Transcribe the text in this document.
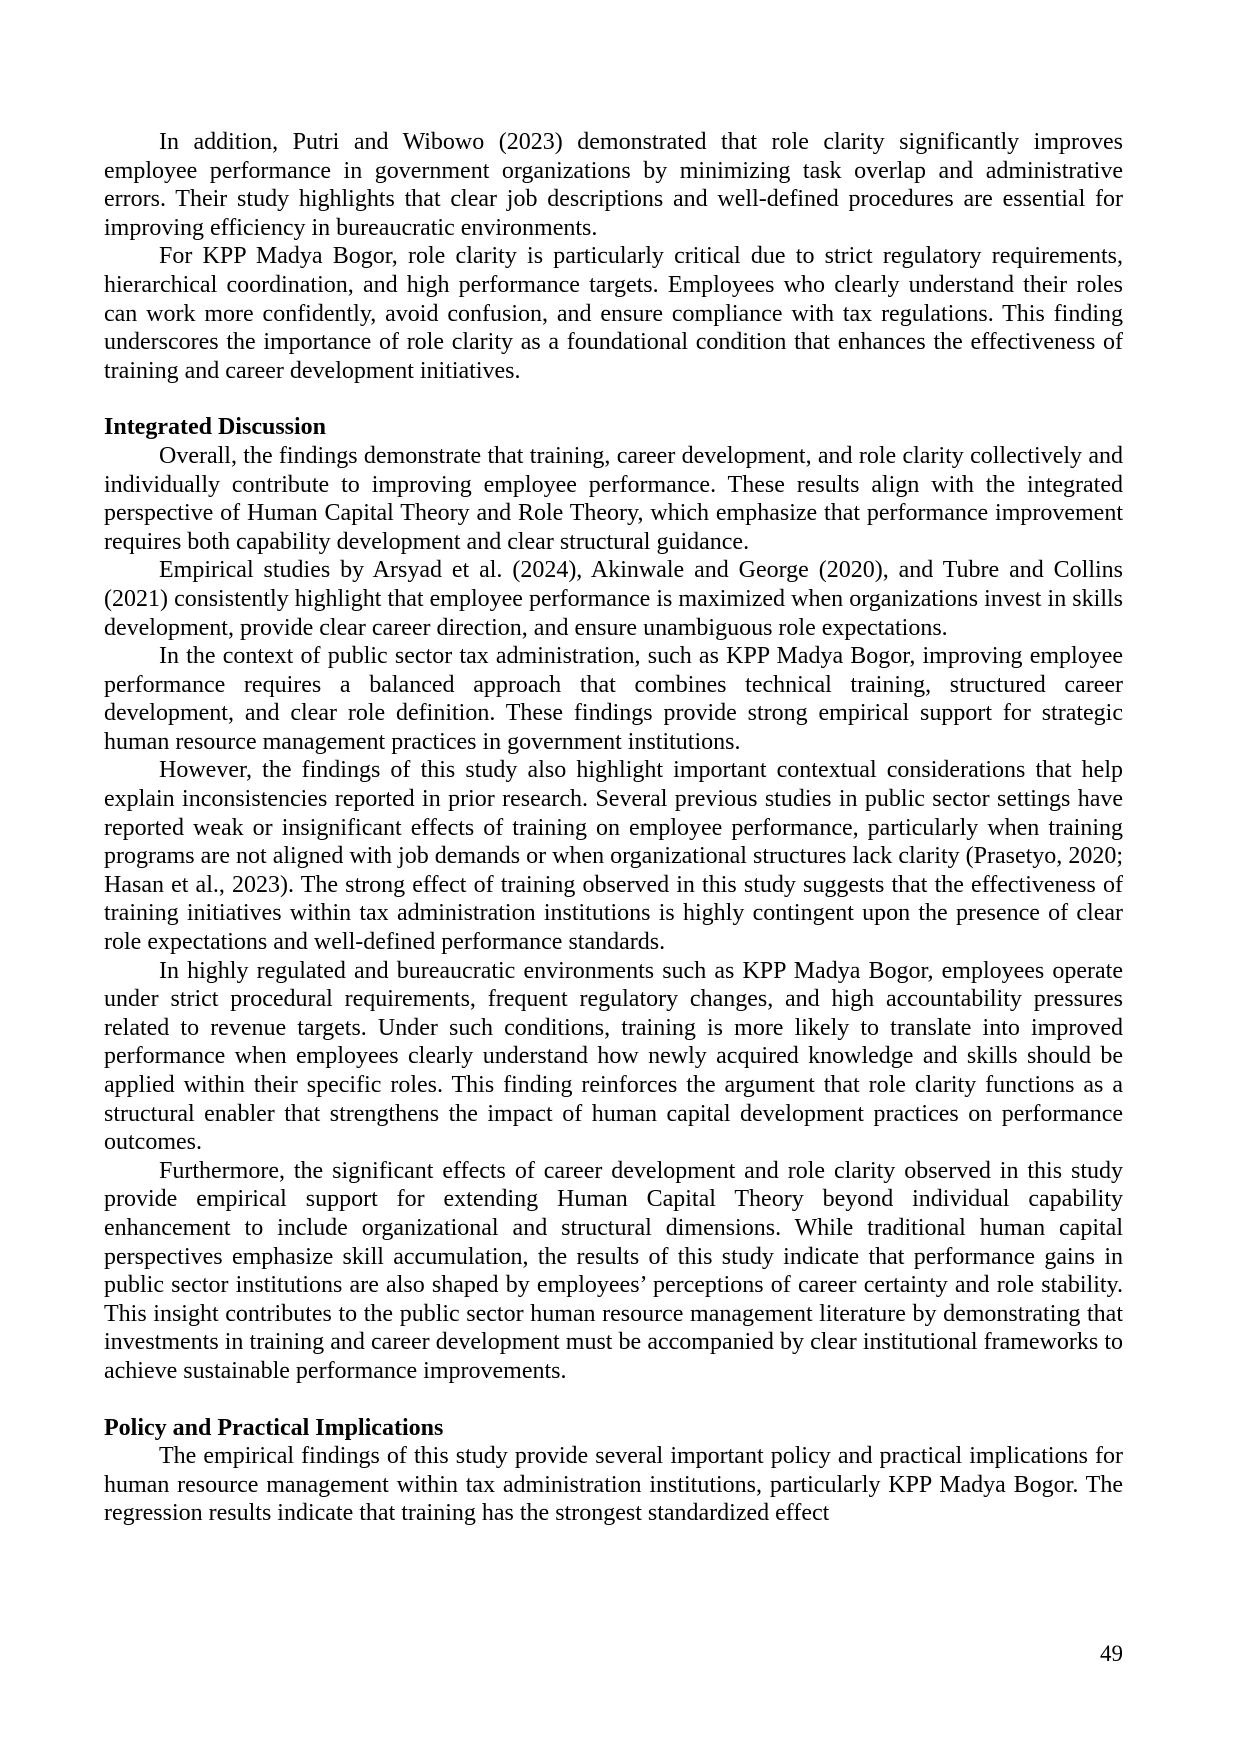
In addition, Putri and Wibowo (2023) demonstrated that role clarity significantly improves employee performance in government organizations by minimizing task overlap and administrative errors. Their study highlights that clear job descriptions and well-defined procedures are essential for improving efficiency in bureaucratic environments.

For KPP Madya Bogor, role clarity is particularly critical due to strict regulatory requirements, hierarchical coordination, and high performance targets. Employees who clearly understand their roles can work more confidently, avoid confusion, and ensure compliance with tax regulations. This finding underscores the importance of role clarity as a foundational condition that enhances the effectiveness of training and career development initiatives.

Integrated Discussion

Overall, the findings demonstrate that training, career development, and role clarity collectively and individually contribute to improving employee performance. These results align with the integrated perspective of Human Capital Theory and Role Theory, which emphasize that performance improvement requires both capability development and clear structural guidance.

Empirical studies by Arsyad et al. (2024), Akinwale and George (2020), and Tubre and Collins (2021) consistently highlight that employee performance is maximized when organizations invest in skills development, provide clear career direction, and ensure unambiguous role expectations.

In the context of public sector tax administration, such as KPP Madya Bogor, improving employee performance requires a balanced approach that combines technical training, structured career development, and clear role definition. These findings provide strong empirical support for strategic human resource management practices in government institutions.

However, the findings of this study also highlight important contextual considerations that help explain inconsistencies reported in prior research. Several previous studies in public sector settings have reported weak or insignificant effects of training on employee performance, particularly when training programs are not aligned with job demands or when organizational structures lack clarity (Prasetyo, 2020; Hasan et al., 2023). The strong effect of training observed in this study suggests that the effectiveness of training initiatives within tax administration institutions is highly contingent upon the presence of clear role expectations and well-defined performance standards.

In highly regulated and bureaucratic environments such as KPP Madya Bogor, employees operate under strict procedural requirements, frequent regulatory changes, and high accountability pressures related to revenue targets. Under such conditions, training is more likely to translate into improved performance when employees clearly understand how newly acquired knowledge and skills should be applied within their specific roles. This finding reinforces the argument that role clarity functions as a structural enabler that strengthens the impact of human capital development practices on performance outcomes.

Furthermore, the significant effects of career development and role clarity observed in this study provide empirical support for extending Human Capital Theory beyond individual capability enhancement to include organizational and structural dimensions. While traditional human capital perspectives emphasize skill accumulation, the results of this study indicate that performance gains in public sector institutions are also shaped by employees’ perceptions of career certainty and role stability. This insight contributes to the public sector human resource management literature by demonstrating that investments in training and career development must be accompanied by clear institutional frameworks to achieve sustainable performance improvements.

Policy and Practical Implications

The empirical findings of this study provide several important policy and practical implications for human resource management within tax administration institutions, particularly KPP Madya Bogor. The regression results indicate that training has the strongest standardized effect

49
